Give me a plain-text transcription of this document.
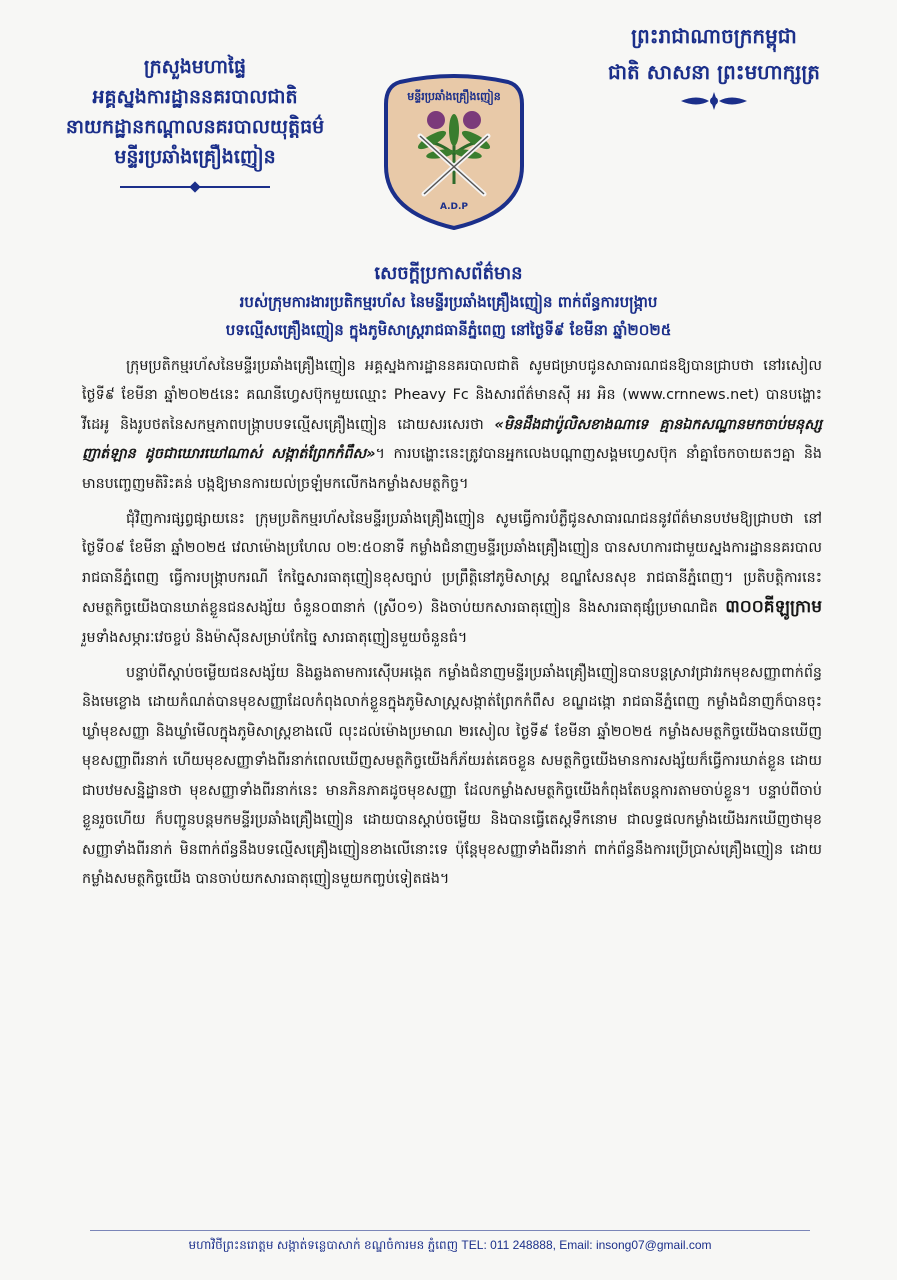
ក្រសួងមហាផ្ទៃ
អគ្គស្នងការដ្ឋាននគរបាលជាតិ
នាយកដ្ឋានកណ្តាលនគរបាលយុត្តិធម៌
មន្ទីរប្រឆាំងគ្រឿងញៀន
ព្រះរាជាណាចក្រកម្ពុជា
ជាតិ សាសនា ព្រះមហាក្សត្រ
មន្ទីរប្រឆាំងគ្រឿងញៀន
A.D.P
សេចក្តីប្រកាសព័ត៌មាន
របស់ក្រុមការងារប្រតិកម្មរហ័ស នៃមន្ទីរប្រឆាំងគ្រឿងញៀន ពាក់ព័ន្ធការបង្ក្រាប
បទល្មើសគ្រឿងញៀន ក្នុងភូមិសាស្ត្ររាជធានីភ្នំពេញ នៅថ្ងៃទី៩ ខែមីនា ឆ្នាំ២០២៥

ក្រុមប្រតិកម្មរហ័សនៃមន្ទីរប្រឆាំងគ្រឿងញៀន អគ្គស្នងការដ្ឋាននគរបាលជាតិ សូមជម្រាបជូនសាធារណជនឱ្យបានជ្រាបថា នៅរសៀលថ្ងៃទី៩ ខែមីនា ឆ្នាំ២០២៥នេះ គណនីហ្វេសប៊ុកមួយឈ្មោះ Pheavy Fc និងសារព័ត៌មានស៊ី អរ អិន (www.crnnews.net) បានបង្ហោះវីដេអូ និងរូបថតនៃសកម្មភាពបង្ក្រាបបទល្មើសគ្រឿងញៀន ដោយសរសេរថា «មិនដឹងជាប៉ូលិសខាងណាទេ គ្មានឯកសណ្ឋានមកចាប់មនុស្សញាត់ឡាន ដូចជាឃោរឃៅណាស់ សង្កាត់ព្រែកកំពឹស»។ ការបង្ហោះនេះត្រូវបានអ្នកលេងបណ្តាញសង្គមហ្វេសប៊ុក នាំគ្នាចែកចាយតៗគ្នា និងមានបញ្ចេញមតិរិះគន់ បង្កឱ្យមានការយល់ច្រឡំមកលើកងកម្លាំងសមត្ថកិច្ច។

ជុំវិញការផ្សព្វផ្សាយនេះ ក្រុមប្រតិកម្មរហ័សនៃមន្ទីរប្រឆាំងគ្រឿងញៀន សូមធ្វើការបំភ្លឺជូនសាធារណជននូវព័ត៌មានបឋមឱ្យជ្រាបថា នៅថ្ងៃទី០៩ ខែមីនា ឆ្នាំ២០២៥ វេលាម៉ោងប្រហែល ០២:៥០នាទី កម្លាំងជំនាញមន្ទីរប្រឆាំងគ្រឿងញៀន បានសហការជាមួយស្នងការដ្ឋាននគរបាលរាជធានីភ្នំពេញ ធ្វើការបង្ក្រាបករណី កែច្នៃសារធាតុញៀនខុសច្បាប់ ប្រព្រឹត្តិនៅភូមិសាស្ត្រ ខណ្ឌសែនសុខ រាជធានីភ្នំពេញ។ ប្រតិបត្តិការនេះសមត្ថកិច្ចយើងបានឃាត់ខ្លួនជនសង្ស័យ ចំនួន០៣នាក់ (ស្រី០១) និងចាប់យកសារធាតុញៀន និងសារធាតុផ្សំប្រមាណជិត ៣០០គីឡូក្រាម រួមទាំងសម្ភារៈវេចខ្ចប់ និងម៉ាស៊ីនសម្រាប់កែច្នៃ សារធាតុញៀនមួយចំនួនធំ។

បន្ទាប់ពីស្តាប់ចម្លើយជនសង្ស័យ និងឆ្លងតាមការស៊ើបអង្កេត កម្លាំងជំនាញមន្ទីរប្រឆាំងគ្រឿងញៀនបានបន្តស្រាវជ្រាវរកមុខសញ្ញាពាក់ព័ន្ធ និងមេខ្លោង ដោយកំណត់បានមុខសញ្ញាដែលកំពុងលាក់ខ្លួនក្នុងភូមិសាស្ត្រសង្កាត់ព្រែកកំពឹស ខណ្ឌដង្កោ រាជធានីភ្នំពេញ កម្លាំងជំនាញក៏បានចុះឃ្លាំមុខសញ្ញា និងឃ្លាំមើលក្នុងភូមិសាស្ត្រខាងលើ លុះដល់ម៉ោងប្រមាណ ២រសៀល ថ្ងៃទី៩ ខែមីនា ឆ្នាំ២០២៥ កម្លាំងសមត្ថកិច្ចយើងបានឃើញមុខសញ្ញាពីរនាក់ ហើយមុខសញ្ញាទាំងពីរនាក់ពេលឃើញសមត្ថកិច្ចយើងក៏ភ័យរត់គេចខ្លួន សមត្ថកិច្ចយើងមានការសង្ស័យក៏ធ្វើការឃាត់ខ្លួន ដោយជាបឋមសន្និដ្ឋានថា មុខសញ្ញាទាំងពីរនាក់នេះ មានភិនភាគដូចមុខសញ្ញា ដែលកម្លាំងសមត្ថកិច្ចយើងកំពុងតែបន្តការតាមចាប់ខ្លួន។ បន្ទាប់ពីចាប់ខ្លួនរួចហើយ ក៏បញ្ជូនបន្តមកមន្ទីរប្រឆាំងគ្រឿងញៀន ដោយបានស្តាប់ចម្លើយ និងបានធ្វើតេស្តទឹកនោម ជាលទ្ធផលកម្លាំងយើងរកឃើញថាមុខសញ្ញាទាំងពីរនាក់ មិនពាក់ព័ន្ធនឹងបទល្មើសគ្រឿងញៀនខាងលើនោះទេ ប៉ុន្តែមុខសញ្ញាទាំងពីរនាក់ ពាក់ព័ន្ធនឹងការប្រើប្រាស់គ្រឿងញៀន ដោយកម្លាំងសមត្ថកិច្ចយើង បានចាប់យកសារធាតុញៀនមួយកញ្ចប់ទៀតផង។

មហាវិថីព្រះនរោត្តម សង្កាត់ទន្លេបាសាក់ ខណ្ឌចំការមន ភ្នំពេញ TEL: 011 248888, Email: insong07@gmail.com
